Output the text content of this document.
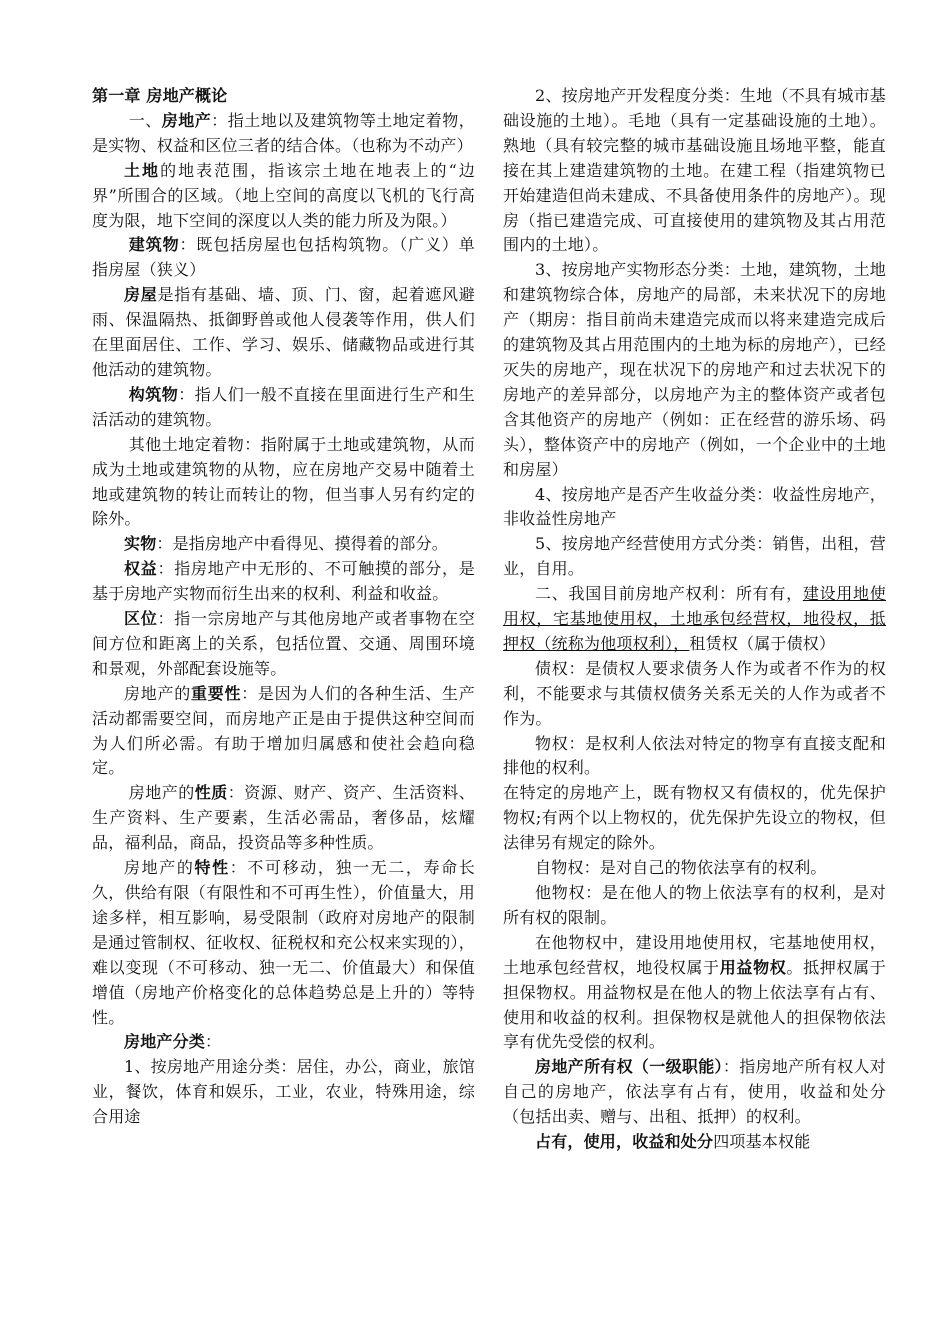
第一章 房地产概论

一、房地产：指土地以及建筑物等土地定着物，是实物、权益和区位三者的结合体。（也称为不动产）

土地的地表范围，指该宗土地在地表上的“边界”所围合的区域。（地上空间的高度以飞机的飞行高度为限，地下空间的深度以人类的能力所及为限。）

建筑物：既包括房屋也包括构筑物。（广义）单指房屋（狭义）

房屋是指有基础、墙、顶、门、窗，起着遮风避雨、保温隔热、抵御野兽或他人侵袭等作用，供人们在里面居住、工作、学习、娱乐、储藏物品或进行其他活动的建筑物。

构筑物：指人们一般不直接在里面进行生产和生活活动的建筑物。

其他土地定着物：指附属于土地或建筑物，从而成为土地或建筑物的从物，应在房地产交易中随着土地或建筑物的转让而转让的物，但当事人另有约定的除外。

实物：是指房地产中看得见、摸得着的部分。

权益：指房地产中无形的、不可触摸的部分，是基于房地产实物而衍生出来的权利、利益和收益。

区位：指一宗房地产与其他房地产或者事物在空间方位和距离上的关系，包括位置、交通、周围环境和景观，外部配套设施等。

房地产的重要性：是因为人们的各种生活、生产活动都需要空间，而房地产正是由于提供这种空间而为人们所必需。有助于增加归属感和使社会趋向稳定。

房地产的性质：资源、财产、资产、生活资料、生产资料、生产要素，生活必需品，奢侈品，炫耀品，福利品，商品，投资品等多种性质。

房地产的特性：不可移动，独一无二，寿命长久，供给有限（有限性和不可再生性），价值量大，用途多样，相互影响，易受限制（政府对房地产的限制是通过管制权、征收权、征税权和充公权来实现的），难以变现（不可移动、独一无二、价值最大）和保值增值（房地产价格变化的总体趋势总是上升的）等特性。

房地产分类：

1、按房地产用途分类：居住，办公，商业，旅馆业，餐饮，体育和娱乐，工业，农业，特殊用途，综合用途

2、按房地产开发程度分类：生地（不具有城市基础设施的土地）。毛地（具有一定基础设施的土地）。熟地（具有较完整的城市基础设施且场地平整，能直接在其上建造建筑物的土地。在建工程（指建筑物已开始建造但尚未建成、不具备使用条件的房地产）。现房（指已建造完成、可直接使用的建筑物及其占用范围内的土地）。

3、按房地产实物形态分类：土地，建筑物，土地和建筑物综合体，房地产的局部，未来状况下的房地产（期房：指目前尚未建造完成而以将来建造完成后的建筑物及其占用范围内的土地为标的房地产），已经灭失的房地产，现在状况下的房地产和过去状况下的房地产的差异部分，以房地产为主的整体资产或者包含其他资产的房地产（例如：正在经营的游乐场、码头），整体资产中的房地产（例如，一个企业中的土地和房屋）

4、按房地产是否产生收益分类：收益性房地产，非收益性房地产

5、按房地产经营使用方式分类：销售，出租，营业，自用。

二、我国目前房地产权利：所有有，建设用地使用权，宅基地使用权，土地承包经营权，地役权，抵押权（统称为他项权利），租赁权（属于债权）

债权：是债权人要求债务人作为或者不作为的权利，不能要求与其债权债务关系无关的人作为或者不作为。

物权：是权利人依法对特定的物享有直接支配和排他的权利。

在特定的房地产上，既有物权又有债权的，优先保护物权;有两个以上物权的，优先保护先设立的物权，但法律另有规定的除外。

自物权：是对自己的物依法享有的权利。

他物权：是在他人的物上依法享有的权利，是对所有权的限制。

在他物权中，建设用地使用权，宅基地使用权，土地承包经营权，地役权属于用益物权。抵押权属于担保物权。用益物权是在他人的物上依法享有占有、使用和收益的权利。担保物权是就他人的担保物依法享有优先受偿的权利。

房地产所有权（一级职能）：指房地产所有权人对自己的房地产，依法享有占有，使用，收益和处分（包括出卖、赠与、出租、抵押）的权利。

占有，使用，收益和处分四项基本权能
